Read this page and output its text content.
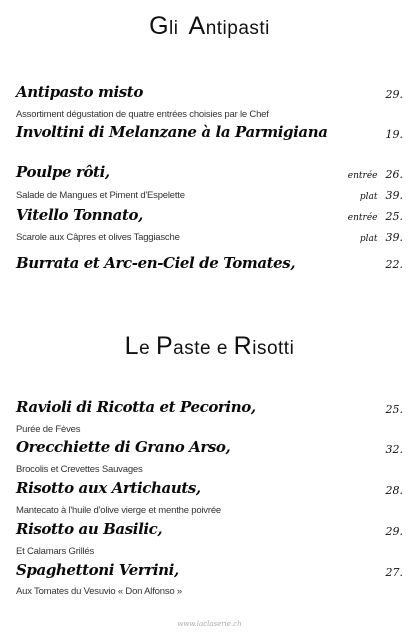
GliAntipasti
Antipasto misto	29.
Assortiment dégustation de quatre entrées choisies par le Chef
Involtini di Melanzane à la Parmigiana	19.
Poulpe rôti,	entrée 26.
Salade de Mangues et Piment d'Espelette	plat 39.
Vitello Tonnato,	entrée 25.
Scarole aux Câpres et olives Taggiasche	plat 39.
Burrata et Arc-en-Ciel de Tomates,	22.
Le Paste e Risotti
Ravioli di Ricotta et Pecorino,	25.
Purée de Fèves
Orecchiette di Grano Arso,	32.
Brocolis et Crevettes Sauvages
Risotto aux Artichauts,	28.
Mantecato à l'huile d'olive vierge et menthe poivrée
Risotto au Basilic,	29.
Et Calamars Grillés
Spaghettoni Verrini,	27.
Aux Tomates du Vesuvio « Don Alfonso »
www.laclaserie.ch
